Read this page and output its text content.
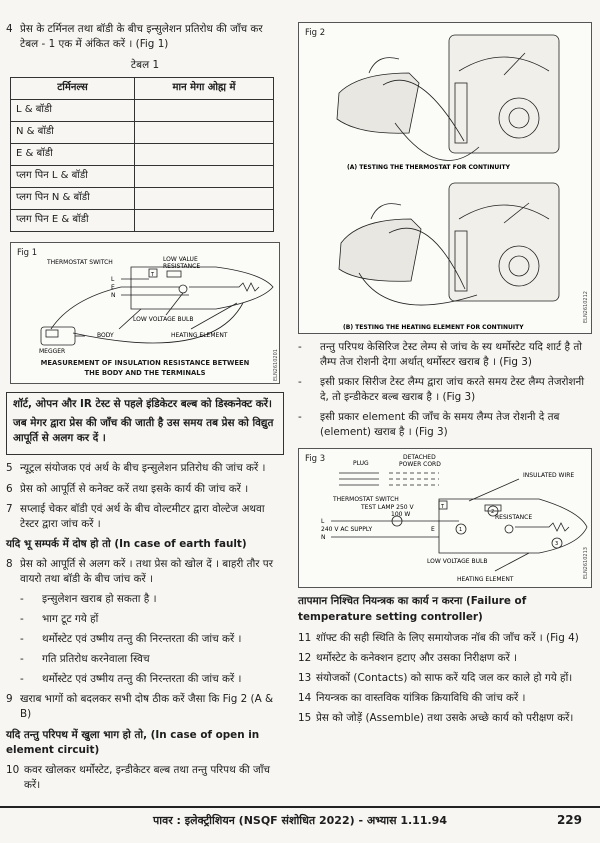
4 प्रेस के टर्मिनल तथा बॉडी के बीच इन्सुलेशन प्रतिरोध की जाँच कर टेबल - 1 एक में अंकित करें । (Fig 1)
टेबल 1
टर्मिनल्स	मान मेगा ओह्म में
L & बॉडी	
N & बॉडी	
E & बॉडी	
प्लग पिन L & बॉडी	
प्लग पिन N & बॉडी	
प्लग पिन E & बॉडी	
Fig 1
THERMOSTAT SWITCH
T
LOW VALUE RESISTANCE
L
E
N
LOW VOLTAGE BULB
BODY	HEATING ELEMENT
MEGGER
MEASUREMENT OF INSULATION RESISTANCE BETWEEN
THE BODY AND THE TERMINALS	ELN2610201

शॉर्ट, ओपन और IR टेस्ट से पहले इंडिकेटर बल्ब को डिस्कनेक्ट करें।

जब मेगर द्वारा प्रेस की जाँच की जाती है उस समय तब प्रेस को विद्युत आपूर्ति से अलग कर दें ।

5 न्यूट्रल संयोजक एवं अर्थ के बीच इन्सुलेशन प्रतिरोध की जांच करें ।
6 प्रेस को आपूर्ति से कनेक्ट करें तथा इसके कार्य की जांच करें ।
7 सप्लाई चेकर बॉडी एवं अर्थ के बीच वोल्टमीटर द्वारा वोल्टेज अथवा टेस्टर द्वारा जांच करें ।
यदि भू सम्पर्क में दोष हो तो (In case of earth fault)
8 प्रेस को आपूर्ति से अलग करें । तथा प्रेस को खोल दें । बाहरी तौर पर वायरो तथा बॉडी के बीच जांच करें ।
-	इन्सुलेशन खराब हो सकता है ।
-	भाग टूट गये हों
-	थर्मोस्टेट एवं उष्मीय तन्तु की निरन्तरता की जांच करें ।
-	गति प्रतिरोध करनेवाला स्विच
-	थर्मोस्टेट एवं उष्मीय तन्तु की निरन्तरता की जांच करें ।
9 खराब भागों को बदलकर सभी दोष ठीक करें जैसा कि Fig 2 (A & B)
यदि तन्तु परिपथ में खुला भाग हो तो, (In case of open in element circuit)
10 कवर खोलकर थर्मोस्टेट, इन्डीकेटर बल्ब तथा तन्तु परिपथ की जाँच करें।
Fig 2
(A) TESTING THE THERMOSTAT FOR CONTINUITY
(B) TESTING THE HEATING ELEMENT FOR CONTINUITY
ELN2610212
-	तन्तु परिपथ केसिरिज टेस्ट लेम्प से जांच के स्य थर्मोस्टेट यदि शार्ट है तो लैम्प तेज रोशनी देगा अर्थात् थर्मोस्टर खराब है । (Fig 3)
-	इसी प्रकार सिरीज टेस्ट लैम्प द्वारा जांच करते समय टेस्ट लैम्प तेजरोशनी दे, तो इन्डीकेटर बल्ब खराब है । (Fig 3)
-	इसी प्रकार element की जाँच के समय लैम्प तेज रोशनी दे तब (element) खराब है । (Fig 3)
Fig 3	PLUG
DETACHED POWER CORD
INSULATED WIRE
THERMOSTAT SWITCH
TEST LAMP 250 V 100 W
T
RESISTANCE
L
E
N
240 V AC SUPPLY	1
2
3
LOW VOLTAGE BULB
HEATING ELEMENT
ELN2610213
तापमान निश्चित नियन्त्रक का कार्य न करना (Failure of temperature setting controller)
11 शॉफ्ट की सही स्थिति के लिए समायोजक नॉब की जाँच करें । (Fig 4)
12 थर्मोस्टेट के कनेक्शन हटाए और उसका निरीक्षण करें ।
13 संयोजकों (Contacts) को साफ करें यदि जल कर काले हो गये हों।
14 नियन्त्रक का वास्तविक यांत्रिक क्रियाविधि की जांच करें ।
15 प्रेस को जोड़ें (Assemble) तथा उसके अच्छे कार्य को परीक्षण करें।
पावर : इलेक्ट्रीशियन (NSQF संशोधित 2022) - अभ्यास 1.11.94	229
